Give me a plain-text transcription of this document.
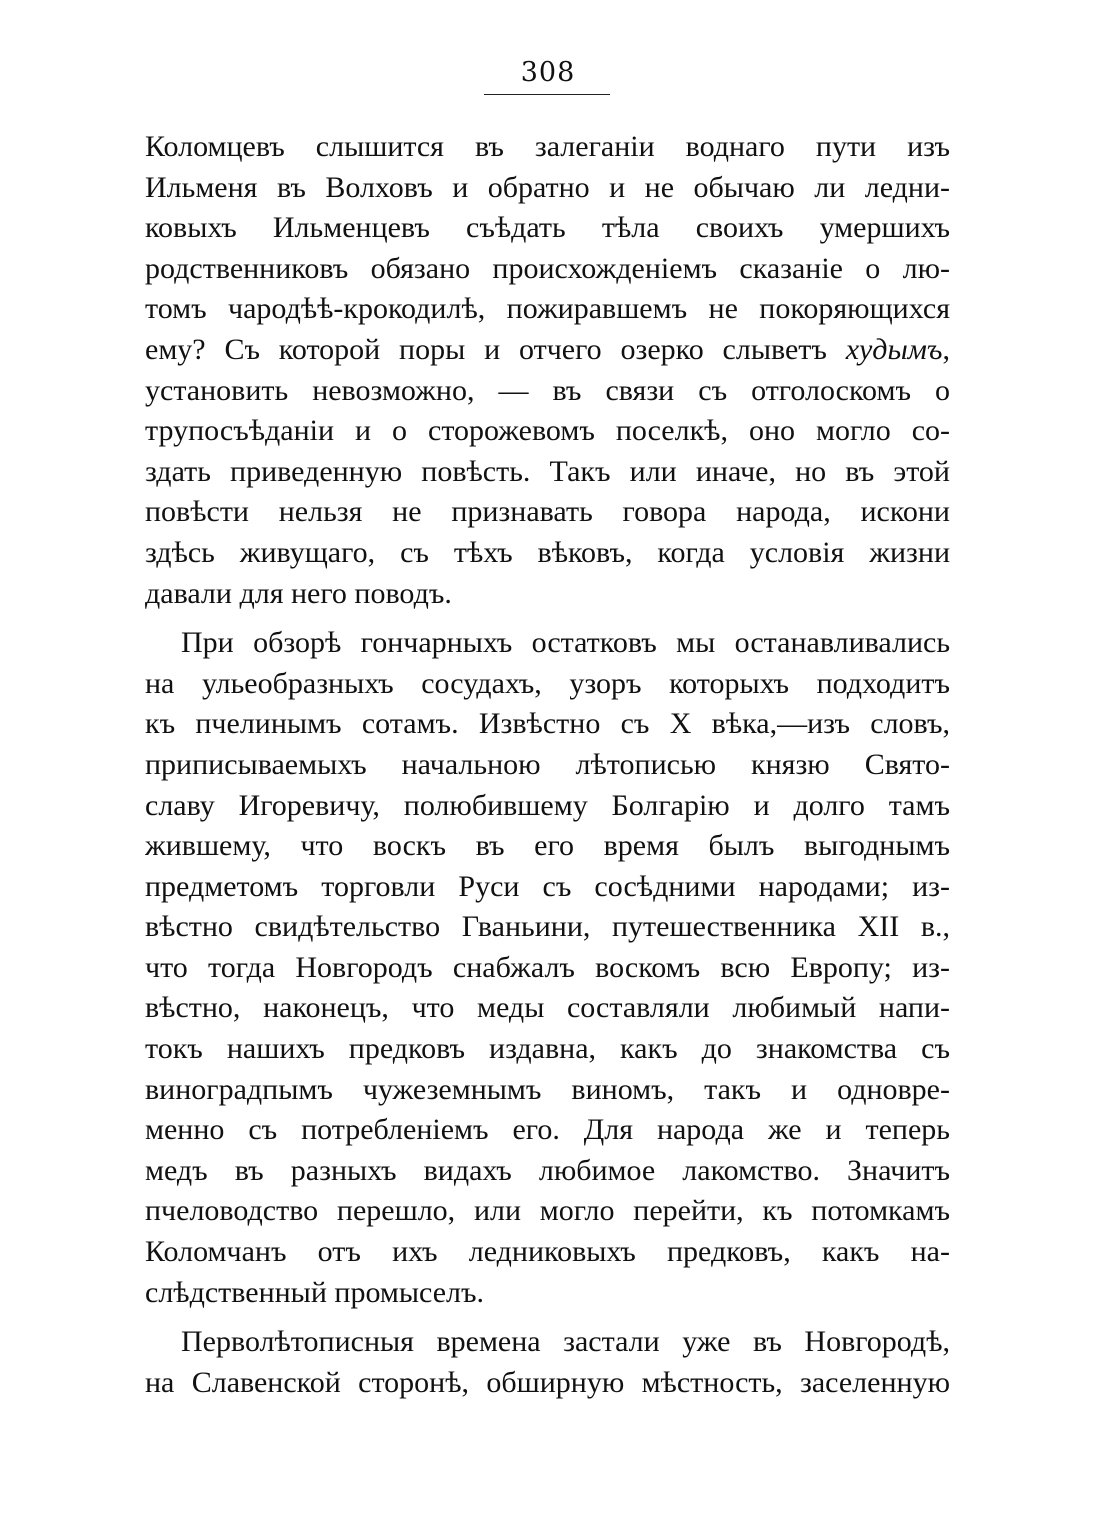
308
Коломцевъ слышится въ залеганіи воднаго пути изъ
Ильменя въ Волховъ и обратно и не обычаю ли ледни-
ковыхъ Ильменцевъ съѣдать тѣла своихъ умершихъ
родственниковъ обязано происхожденіемъ сказаніе о лю-
томъ чародѣѣ-крокодилѣ, пожиравшемъ не покоряющихся
ему? Съ которой поры и отчего озерко слыветъ худымъ,
установить невозможно, — въ связи съ отголоскомъ о
трупосъѣданіи и о сторожевомъ поселкѣ, оно могло со-
здать приведенную повѣсть. Такъ или иначе, но въ этой
повѣсти нельзя не признавать говора народа, искони
здѣсь живущаго, съ тѣхъ вѣковъ, когда условія жизни
давали для него поводъ.
При обзорѣ гончарныхъ остатковъ мы останавливались
на ульеобразныхъ сосудахъ, узоръ которыхъ подходитъ
къ пчелинымъ сотамъ. Извѣстно съ X вѣка,—изъ словъ,
приписываемыхъ начальною лѣтописью князю Свято-
славу Игоревичу, полюбившему Болгарію и долго тамъ
жившему, что воскъ въ его время былъ выгоднымъ
предметомъ торговли Руси съ сосѣдними народами; из-
вѣстно свидѣтельство Гваньини, путешественника XII в.,
что тогда Новгородъ снабжалъ воскомъ всю Европу; из-
вѣстно, наконецъ, что меды составляли любимый напи-
токъ нашихъ предковъ издавна, какъ до знакомства съ
виноградпымъ чужеземнымъ виномъ, такъ и одновре-
менно съ потребленіемъ его. Для народа же и теперь
медъ въ разныхъ видахъ любимое лакомство. Значитъ
пчеловодство перешло, или могло перейти, къ потомкамъ
Коломчанъ отъ ихъ ледниковыхъ предковъ, какъ на-
слѣдственный промыселъ.
Перволѣтописныя времена застали уже въ Новгородѣ,
на Славенской сторонѣ, обширную мѣстность, заселенную
